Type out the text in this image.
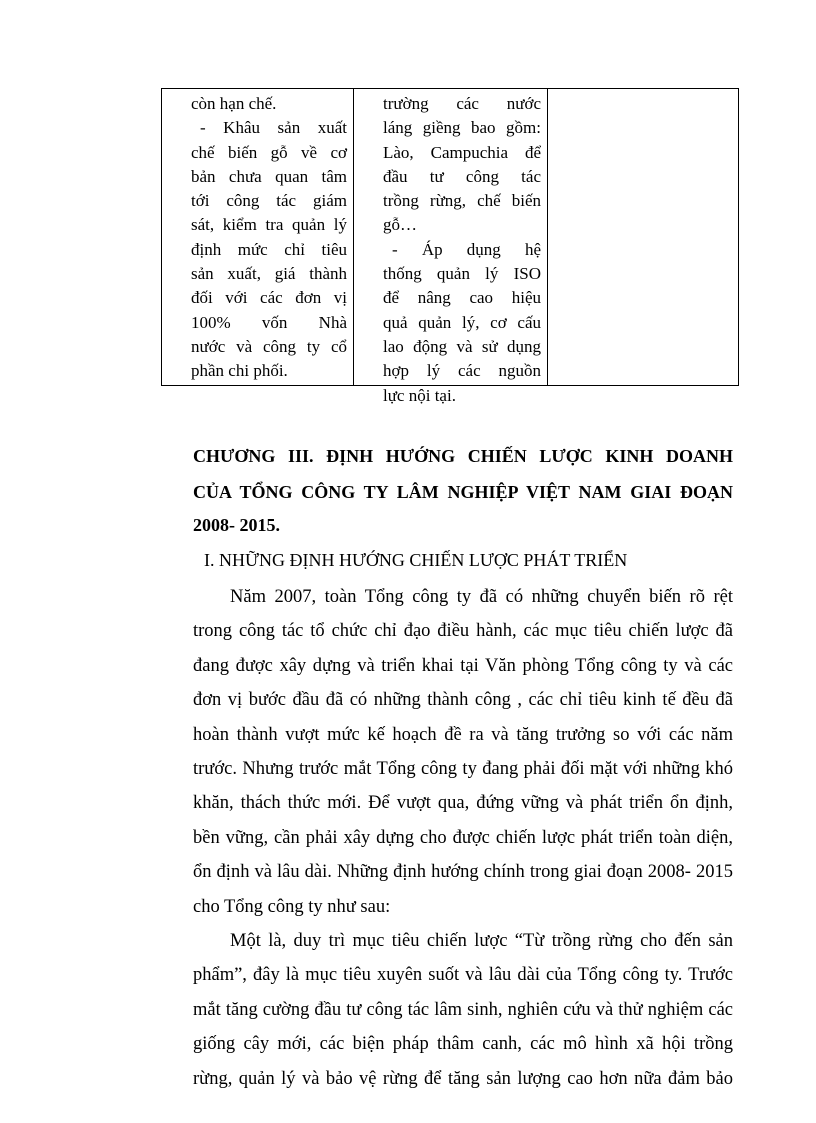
còn hạn chế.
- Khâu sản xuất
chế biến gỗ về cơ
bản chưa quan tâm
tới công tác giám
sát, kiểm tra quản lý
định mức chỉ tiêu
sản xuất, giá thành
đối với các đơn vị
100% vốn Nhà
nước và công ty cổ
phần chi phối.
trường các nước
láng giềng bao gồm:
Lào, Campuchia để
đầu tư công tác
trồng rừng, chế biến
gỗ…
- Áp dụng hệ
thống quản lý ISO
để nâng cao hiệu
quả quản lý, cơ cấu
lao động và sử dụng
hợp lý các nguồn
lực nội tại.
CHƯƠNG III. ĐỊNH HƯỚNG CHIẾN LƯỢC KINH DOANH
CỦA TỔNG CÔNG TY LÂM NGHIỆP VIỆT NAM GIAI ĐOẠN
2008- 2015.
I. NHỮNG ĐỊNH HƯỚNG CHIẾN LƯỢC PHÁT TRIỂN
Năm 2007, toàn Tổng công ty đã có những chuyển biến rõ rệt
trong công tác tổ chức chỉ đạo điều hành, các mục tiêu chiến lược đã
đang được xây dựng và triển khai tại Văn phòng Tổng công ty và các
đơn vị bước đầu đã có những thành công , các chỉ tiêu kinh tế đều đã
hoàn thành vượt mức kế hoạch đề ra và tăng trưởng so với các năm
trước. Nhưng trước mắt Tổng công ty đang phải đối mặt với những khó
khăn, thách thức mới. Để vượt qua, đứng vững và phát triển ổn định,
bền vững, cần phải xây dựng cho được chiến lược phát triển toàn diện,
ổn định và lâu dài. Những định hướng chính trong giai đoạn 2008- 2015
cho Tổng công ty như sau:
Một là, duy trì mục tiêu chiến lược “Từ trồng rừng cho đến sản
phẩm”, đây là mục tiêu xuyên suốt và lâu dài của Tổng công ty. Trước
mắt tăng cường đầu tư công tác lâm sinh, nghiên cứu và thử nghiệm các
giống cây mới, các biện pháp thâm canh, các mô hình xã hội trồng
rừng, quản lý và bảo vệ rừng để tăng sản lượng cao hơn nữa đảm bảo
